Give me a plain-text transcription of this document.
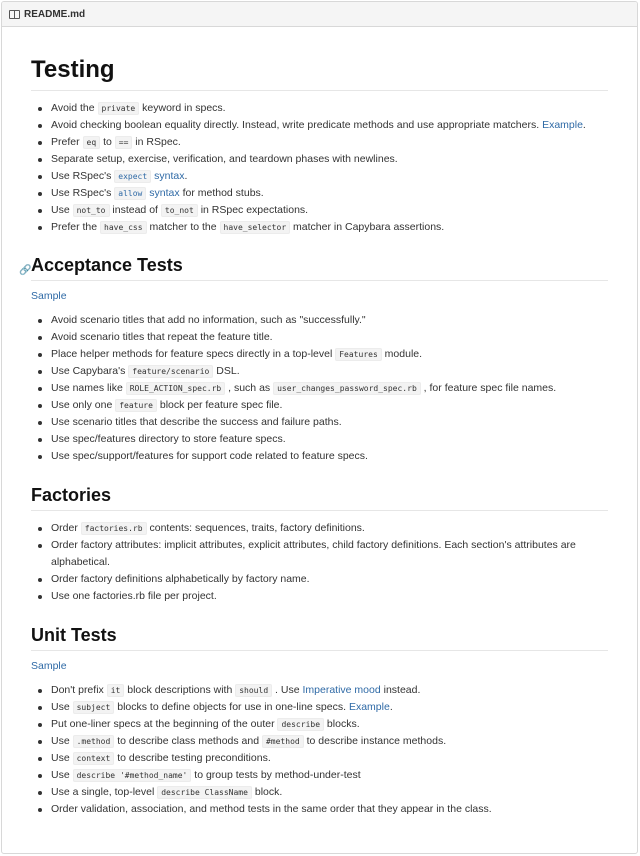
README.md
Testing
Avoid the private keyword in specs.
Avoid checking boolean equality directly. Instead, write predicate methods and use appropriate matchers. Example.
Prefer eq to == in RSpec.
Separate setup, exercise, verification, and teardown phases with newlines.
Use RSpec's expect syntax.
Use RSpec's allow syntax for method stubs.
Use not_to instead of to_not in RSpec expectations.
Prefer the have_css matcher to the have_selector matcher in Capybara assertions.
🔗 Acceptance Tests
Sample
Avoid scenario titles that add no information, such as "successfully."
Avoid scenario titles that repeat the feature title.
Place helper methods for feature specs directly in a top-level Features module.
Use Capybara's feature/scenario DSL.
Use names like ROLE_ACTION_spec.rb , such as user_changes_password_spec.rb , for feature spec file names.
Use only one feature block per feature spec file.
Use scenario titles that describe the success and failure paths.
Use spec/features directory to store feature specs.
Use spec/support/features for support code related to feature specs.
Factories
Order factories.rb contents: sequences, traits, factory definitions.
Order factory attributes: implicit attributes, explicit attributes, child factory definitions. Each section's attributes are alphabetical.
Order factory definitions alphabetically by factory name.
Use one factories.rb file per project.
Unit Tests
Sample
Don't prefix it block descriptions with should . Use Imperative mood instead.
Use subject blocks to define objects for use in one-line specs. Example.
Put one-liner specs at the beginning of the outer describe blocks.
Use .method to describe class methods and #method to describe instance methods.
Use context to describe testing preconditions.
Use describe '#method_name' to group tests by method-under-test
Use a single, top-level describe ClassName block.
Order validation, association, and method tests in the same order that they appear in the class.
